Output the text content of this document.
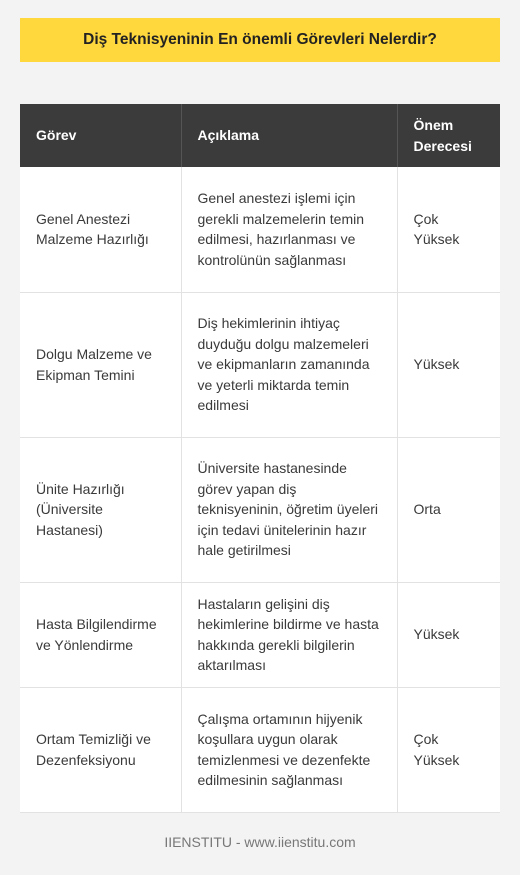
Diş Teknisyeninin En önemli Görevleri Nelerdir?
Görev	Açıklama	Önem Derecesi
Genel Anestezi Malzeme Hazırlığı	Genel anestezi işlemi için gerekli malzemelerin temin edilmesi, hazırlanması ve kontrolünün sağlanması	Çok Yüksek
Dolgu Malzeme ve Ekipman Temini	Diş hekimlerinin ihtiyaç duyduğu dolgu malzemeleri ve ekipmanların zamanında ve yeterli miktarda temin edilmesi	Yüksek
Ünite Hazırlığı (Üniversite Hastanesi)	Üniversite hastanesinde görev yapan diş teknisyeninin, öğretim üyeleri için tedavi ünitelerinin hazır hale getirilmesi	Orta
Hasta Bilgilendirme ve Yönlendirme	Hastaların gelişini diş hekimlerine bildirme ve hasta hakkında gerekli bilgilerin aktarılması	Yüksek
Ortam Temizliği ve Dezenfeksiyonu	Çalışma ortamının hijyenik koşullara uygun olarak temizlenmesi ve dezenfekte edilmesinin sağlanması	Çok Yüksek
IIENSTITU - www.iienstitu.com
